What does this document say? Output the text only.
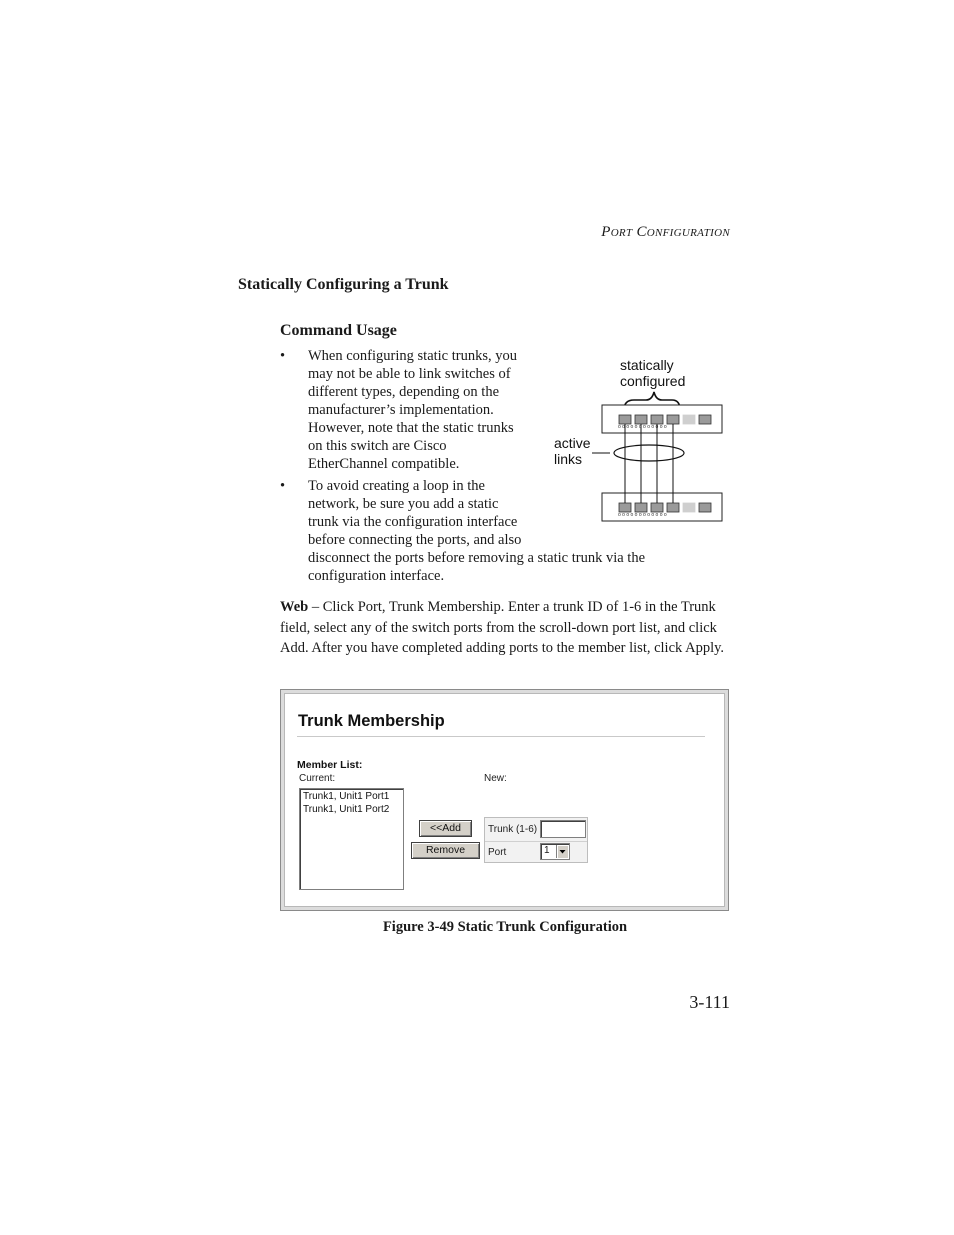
PORT CONFIGURATION
Statically Configuring a Trunk
Command Usage
• When configuring static trunks, you
may not be able to link switches of
different types, depending on the
manufacturer’s implementation.
However, note that the static trunks
on this switch are Cisco
EtherChannel compatible.
• To avoid creating a loop in the
network, be sure you add a static
trunk via the configuration interface
before connecting the ports, and also
disconnect the ports before removing a static trunk via the
configuration interface.
statically
configured
active
links
o o o o o o o o o o o o
o o o o o o o o o o o o
Web – Click Port, Trunk Membership. Enter a trunk ID of 1-6 in the Trunk field, select any of the switch ports from the scroll-down port list, and click Add. After you have completed adding ports to the member list, click Apply.
Trunk Membership
Member List:
Current:	New:
Trunk1, Unit1 Port1
Trunk1, Unit1 Port2
<<Add
Remove
Trunk (1-6)
Port	1
Figure 3-49 Static Trunk Configuration
3-111
